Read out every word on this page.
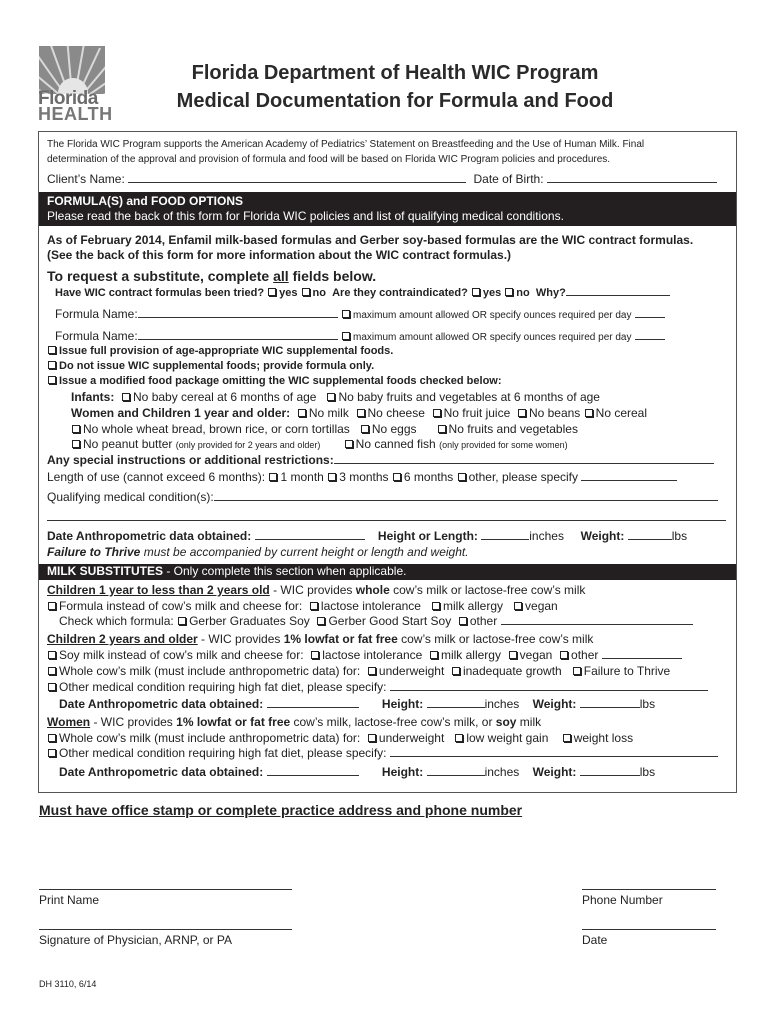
Florida
HEALTH
Florida Department of Health WIC Program
Medical Documentation for Formula and Food
The Florida WIC Program supports the American Academy of Pediatrics’ Statement on Breastfeeding and the Use of Human Milk. Final
determination of the approval and provision of formula and food will be based on Florida WIC Program policies and procedures.
Client’s Name:	Date of Birth:
FORMULA(S) and FOOD OPTIONS
Please read the back of this form for Florida WIC policies and list of qualifying medical conditions.
As of February 2014, Enfamil milk-based formulas and Gerber soy-based formulas are the WIC contract formulas.
(See the back of this form for more information about the WIC contract formulas.)
To request a substitute, complete all fields below.
Have WIC contract formulas been tried? yes no Are they contraindicated? yes no Why?
Formula Name:	maximum amount allowed OR specify ounces required per day
Formula Name:	maximum amount allowed OR specify ounces required per day
Issue full provision of age-appropriate WIC supplemental foods.
Do not issue WIC supplemental foods; provide formula only.
Issue a modified food package omitting the WIC supplemental foods checked below:
Infants: No baby cereal at 6 months of age No baby fruits and vegetables at 6 months of age
Women and Children 1 year and older: No milk No cheese No fruit juice No beans No cereal
No whole wheat bread, brown rice, or corn tortillas No eggs	No fruits and vegetables
No peanut butter (only provided for 2 years and older)	No canned fish (only provided for some women)
Any special instructions or additional restrictions:
Length of use (cannot exceed 6 months): 1 month 3 months 6 months other, please specify
Qualifying medical condition(s):
Date Anthropometric data obtained:	Height or Length:	inches Weight:	lbs
Failure to Thrive must be accompanied by current height or length and weight.
MILK SUBSTITUTES - Only complete this section when applicable.
Children 1 year to less than 2 years old - WIC provides whole cow’s milk or lactose-free cow’s milk
Formula instead of cow’s milk and cheese for: lactose intolerance milk allergy vegan
Check which formula: Gerber Graduates Soy Gerber Good Start Soy other
Children 2 years and older - WIC provides 1% lowfat or fat free cow’s milk or lactose-free cow’s milk
Soy milk instead of cow’s milk and cheese for: lactose intolerance milk allergy vegan other
Whole cow’s milk (must include anthropometric data) for: underweight inadequate growth Failure to Thrive
Other medical condition requiring high fat diet, please specify:
Date Anthropometric data obtained:	Height:	inches Weight:	lbs
Women - WIC provides 1% lowfat or fat free cow’s milk, lactose-free cow’s milk, or soy milk
Whole cow’s milk (must include anthropometric data) for: underweight low weight gain weight loss
Other medical condition requiring high fat diet, please specify:
Date Anthropometric data obtained:	Height:	inches Weight:	lbs
Must have office stamp or complete practice address and phone number
Print Name	Phone Number
Signature of Physician, ARNP, or PA	Date
DH 3110, 6/14
